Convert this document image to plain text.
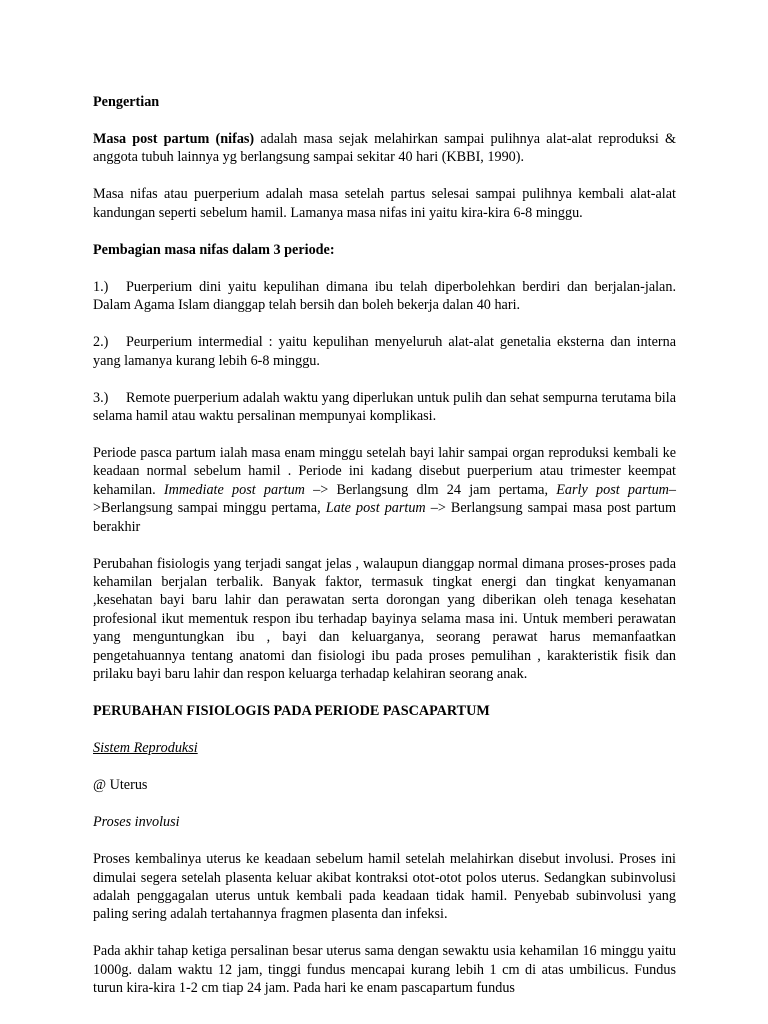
Pengertian

Masa post partum (nifas) adalah masa sejak melahirkan sampai pulihnya alat-alat reproduksi & anggota tubuh lainnya yg berlangsung sampai sekitar 40 hari (KBBI, 1990).

Masa nifas atau puerperium adalah masa setelah partus selesai sampai pulihnya kembali alat-alat kandungan seperti sebelum hamil. Lamanya masa nifas ini yaitu kira-kira 6-8 minggu.

Pembagian masa nifas dalam 3 periode:

1.) Puerperium dini yaitu kepulihan dimana ibu telah diperbolehkan berdiri dan berjalan-jalan. Dalam Agama Islam dianggap telah bersih dan boleh bekerja dalan 40 hari.

2.) Peurperium intermedial : yaitu kepulihan menyeluruh alat-alat genetalia eksterna dan interna yang lamanya kurang lebih 6-8 minggu.

3.) Remote puerperium adalah waktu yang diperlukan untuk pulih dan sehat sempurna terutama bila selama hamil atau waktu persalinan mempunyai komplikasi.

Periode pasca partum ialah masa enam minggu setelah bayi lahir sampai organ reproduksi kembali ke keadaan normal sebelum hamil . Periode ini kadang disebut puerperium atau trimester keempat kehamilan. Immediate post partum –> Berlangsung dlm 24 jam pertama, Early post partum–>Berlangsung sampai minggu pertama, Late post partum –> Berlangsung sampai masa post partum berakhir

Perubahan fisiologis yang terjadi sangat jelas , walaupun dianggap normal dimana proses-proses pada kehamilan berjalan terbalik. Banyak faktor, termasuk tingkat energi dan tingkat kenyamanan ,kesehatan bayi baru lahir dan perawatan serta dorongan yang diberikan oleh tenaga kesehatan profesional ikut mementuk respon ibu terhadap bayinya selama masa ini. Untuk memberi perawatan yang menguntungkan ibu , bayi dan keluarganya, seorang perawat harus memanfaatkan pengetahuannya tentang anatomi dan fisiologi ibu pada proses pemulihan , karakteristik fisik dan prilaku bayi baru lahir dan respon keluarga terhadap kelahiran seorang anak.

PERUBAHAN FISIOLOGIS PADA PERIODE PASCAPARTUM

Sistem Reproduksi

@ Uterus

Proses involusi

Proses kembalinya uterus ke keadaan sebelum hamil setelah melahirkan disebut involusi. Proses ini dimulai segera setelah plasenta keluar akibat kontraksi otot-otot polos uterus. Sedangkan subinvolusi adalah penggagalan uterus untuk kembali pada keadaan tidak hamil. Penyebab subinvolusi yang paling sering adalah tertahannya fragmen plasenta dan infeksi.

Pada akhir tahap ketiga persalinan besar uterus sama dengan sewaktu usia kehamilan 16 minggu yaitu 1000g. dalam waktu 12 jam, tinggi fundus mencapai kurang lebih 1 cm di atas umbilicus. Fundus turun kira-kira 1-2 cm tiap 24 jam. Pada hari ke enam pascapartum fundus
